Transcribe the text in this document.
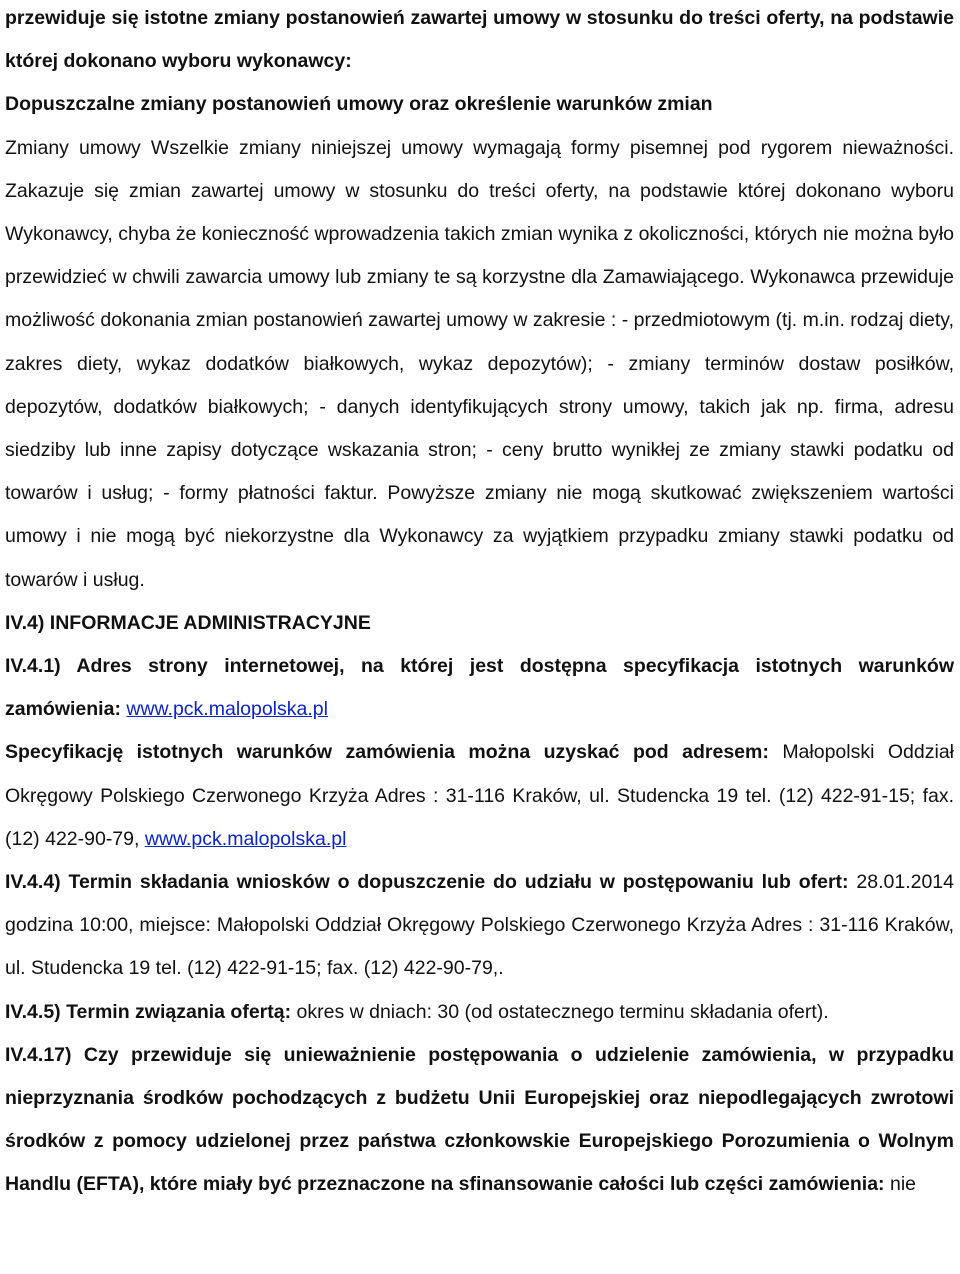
przewiduje się istotne zmiany postanowień zawartej umowy w stosunku do treści oferty, na podstawie której dokonano wyboru wykonawcy:

Dopuszczalne zmiany postanowień umowy oraz określenie warunków zmian

Zmiany umowy Wszelkie zmiany niniejszej umowy wymagają formy pisemnej pod rygorem nieważności. Zakazuje się zmian zawartej umowy w stosunku do treści oferty, na podstawie której dokonano wyboru Wykonawcy, chyba że konieczność wprowadzenia takich zmian wynika z okoliczności, których nie można było przewidzieć w chwili zawarcia umowy lub zmiany te są korzystne dla Zamawiającego. Wykonawca przewiduje możliwość dokonania zmian postanowień zawartej umowy w zakresie : - przedmiotowym (tj. m.in. rodzaj diety, zakres diety, wykaz dodatków białkowych, wykaz depozytów); - zmiany terminów dostaw posiłków, depozytów, dodatków białkowych; - danych identyfikujących strony umowy, takich jak np. firma, adresu siedziby lub inne zapisy dotyczące wskazania stron; - ceny brutto wynikłej ze zmiany stawki podatku od towarów i usług; - formy płatności faktur. Powyższe zmiany nie mogą skutkować zwiększeniem wartości umowy i nie mogą być niekorzystne dla Wykonawcy za wyjątkiem przypadku zmiany stawki podatku od towarów i usług.

IV.4) INFORMACJE ADMINISTRACYJNE

IV.4.1) Adres strony internetowej, na której jest dostępna specyfikacja istotnych warunków zamówienia: www.pck.malopolska.pl

Specyfikację istotnych warunków zamówienia można uzyskać pod adresem: Małopolski Oddział Okręgowy Polskiego Czerwonego Krzyża Adres : 31-116 Kraków, ul. Studencka 19 tel. (12) 422-91-15; fax. (12) 422-90-79, www.pck.malopolska.pl

IV.4.4) Termin składania wniosków o dopuszczenie do udziału w postępowaniu lub ofert: 28.01.2014 godzina 10:00, miejsce: Małopolski Oddział Okręgowy Polskiego Czerwonego Krzyża Adres : 31-116 Kraków, ul. Studencka 19 tel. (12) 422-91-15; fax. (12) 422-90-79,.

IV.4.5) Termin związania ofertą: okres w dniach: 30 (od ostatecznego terminu składania ofert).

IV.4.17) Czy przewiduje się unieważnienie postępowania o udzielenie zamówienia, w przypadku nieprzyznania środków pochodzących z budżetu Unii Europejskiej oraz niepodlegających zwrotowi środków z pomocy udzielonej przez państwa członkowskie Europejskiego Porozumienia o Wolnym Handlu (EFTA), które miały być przeznaczone na sfinansowanie całości lub części zamówienia: nie
